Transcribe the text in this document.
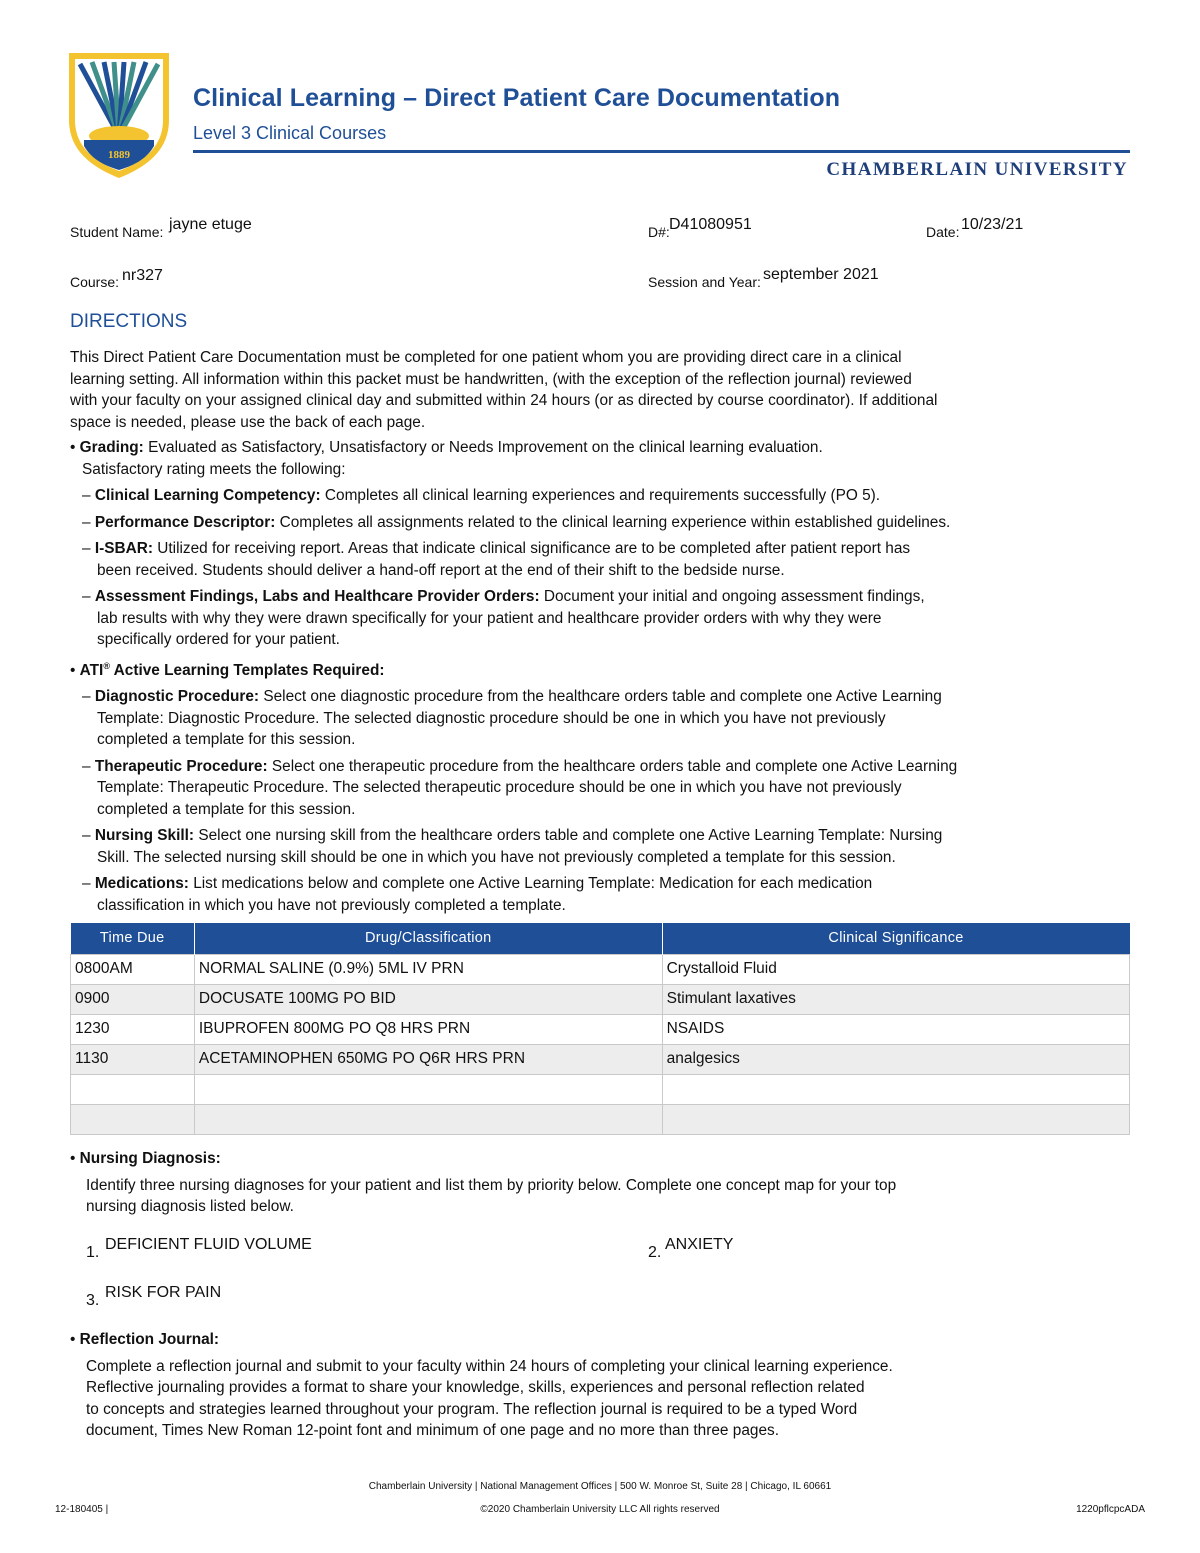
1889
Clinical Learning – Direct Patient Care Documentation
Level 3 Clinical Courses
CHAMBERLAIN UNIVERSITY
Student Name: jayne etuge	D#: D41080951	Date: 10/23/21
Course: nr327	Session and Year: september 2021
DIRECTIONS
This Direct Patient Care Documentation must be completed for one patient whom you are providing direct care in a clinical
learning setting. All information within this packet must be handwritten, (with the exception of the reflection journal) reviewed
with your faculty on your assigned clinical day and submitted within 24 hours (or as directed by course coordinator). If additional
space is needed, please use the back of each page.
• Grading: Evaluated as Satisfactory, Unsatisfactory or Needs Improvement on the clinical learning evaluation.
Satisfactory rating meets the following:
– Clinical Learning Competency: Completes all clinical learning experiences and requirements successfully (PO 5).
– Performance Descriptor: Completes all assignments related to the clinical learning experience within established guidelines.
– I-SBAR: Utilized for receiving report. Areas that indicate clinical significance are to be completed after patient report has
been received. Students should deliver a hand-off report at the end of their shift to the bedside nurse.
– Assessment Findings, Labs and Healthcare Provider Orders: Document your initial and ongoing assessment findings,
lab results with why they were drawn specifically for your patient and healthcare provider orders with why they were
specifically ordered for your patient.
• ATI® Active Learning Templates Required:
– Diagnostic Procedure: Select one diagnostic procedure from the healthcare orders table and complete one Active Learning
Template: Diagnostic Procedure. The selected diagnostic procedure should be one in which you have not previously
completed a template for this session.
– Therapeutic Procedure: Select one therapeutic procedure from the healthcare orders table and complete one Active Learning
Template: Therapeutic Procedure. The selected therapeutic procedure should be one in which you have not previously
completed a template for this session.
– Nursing Skill: Select one nursing skill from the healthcare orders table and complete one Active Learning Template: Nursing
Skill. The selected nursing skill should be one in which you have not previously completed a template for this session.
– Medications: List medications below and complete one Active Learning Template: Medication for each medication
classification in which you have not previously completed a template.
Time Due	Drug/Classification	Clinical Significance
0800AM	NORMAL SALINE (0.9%) 5ML IV PRN	Crystalloid Fluid
0900	DOCUSATE 100MG PO BID	Stimulant laxatives
1230	IBUPROFEN 800MG PO Q8 HRS PRN	NSAIDS
1130	ACETAMINOPHEN 650MG PO Q6R HRS PRN	analgesics

• Nursing Diagnosis:
Identify three nursing diagnoses for your patient and list them by priority below. Complete one concept map for your top
nursing diagnosis listed below.
1. DEFICIENT FLUID VOLUME	2. ANXIETY
3. RISK FOR PAIN
• Reflection Journal:
Complete a reflection journal and submit to your faculty within 24 hours of completing your clinical learning experience.
Reflective journaling provides a format to share your knowledge, skills, experiences and personal reflection related
to concepts and strategies learned throughout your program. The reflection journal is required to be a typed Word
document, Times New Roman 12-point font and minimum of one page and no more than three pages.
Chamberlain University | National Management Offices | 500 W. Monroe St, Suite 28 | Chicago, IL 60661
12-180405 |	©2020 Chamberlain University LLC All rights reserved	1220pflcpcADA
